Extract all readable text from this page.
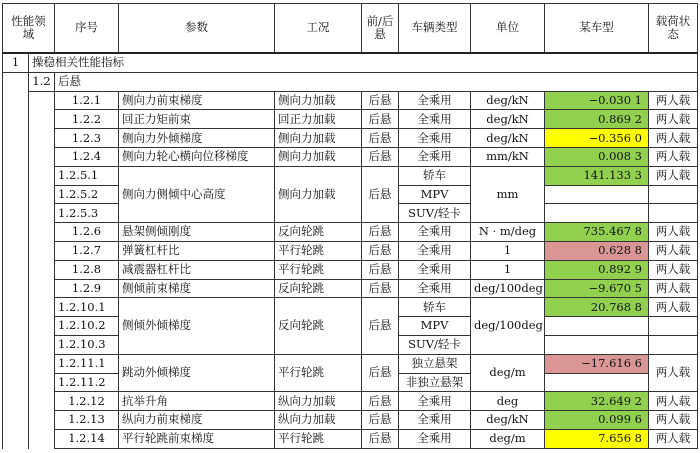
性能领域		序号	参数	工况	前/后悬	车辆类型	单位	某车型	载荷状态
1	操稳相关性能指标								
	1.2	后悬							
		1.2.1	侧向力前束梯度	侧向力加载	后悬	全乘用	deg/kN	−0.030 1	两人载
		1.2.2	回正力矩前束	回正力加载	后悬	全乘用	deg/kN	0.869 2	两人载
		1.2.3	侧向力外倾梯度	侧向力加载	后悬	全乘用	deg/kN	−0.356 0	两人载
		1.2.4	侧向力轮心横向位移梯度	侧向力加载	后悬	全乘用	mm/kN	0.008 3	两人载
		1.2.5.1	侧向力侧倾中心高度	侧向力加载	后悬	轿车	mm	141.133 3	两人载
		1.2.5.2				MPV			
		1.2.5.3				SUV/轻卡			
		1.2.6	悬架侧倾刚度	反向轮跳	后悬	全乘用	N · m/deg	735.467 8	两人载
		1.2.7	弹簧杠杆比	平行轮跳	后悬	全乘用	1	0.628 8	两人载
		1.2.8	减震器杠杆比	平行轮跳	后悬	全乘用	1	0.892 9	两人载
		1.2.9	侧倾前束梯度	反向轮跳	后悬	全乘用	deg/100deg	−9.670 5	两人载
		1.2.10.1	侧倾外倾梯度	反向轮跳	后悬	轿车	deg/100deg	20.768 8	两人载
		1.2.10.2				MPV			
		1.2.10.3				SUV/轻卡			
		1.2.11.1	跳动外倾梯度	平行轮跳	后悬	独立悬架	deg/m	−17.616 6	两人载
		1.2.11.2				非独立悬架			
		1.2.12	抗举升角	纵向力加载	后悬	全乘用	deg	32.649 2	两人载
		1.2.13	纵向力前束梯度	纵向力加载	后悬	全乘用	deg/kN	0.099 6	两人载
		1.2.14	平行轮跳前束梯度	平行轮跳	后悬	全乘用	deg/m	7.656 8	两人载
